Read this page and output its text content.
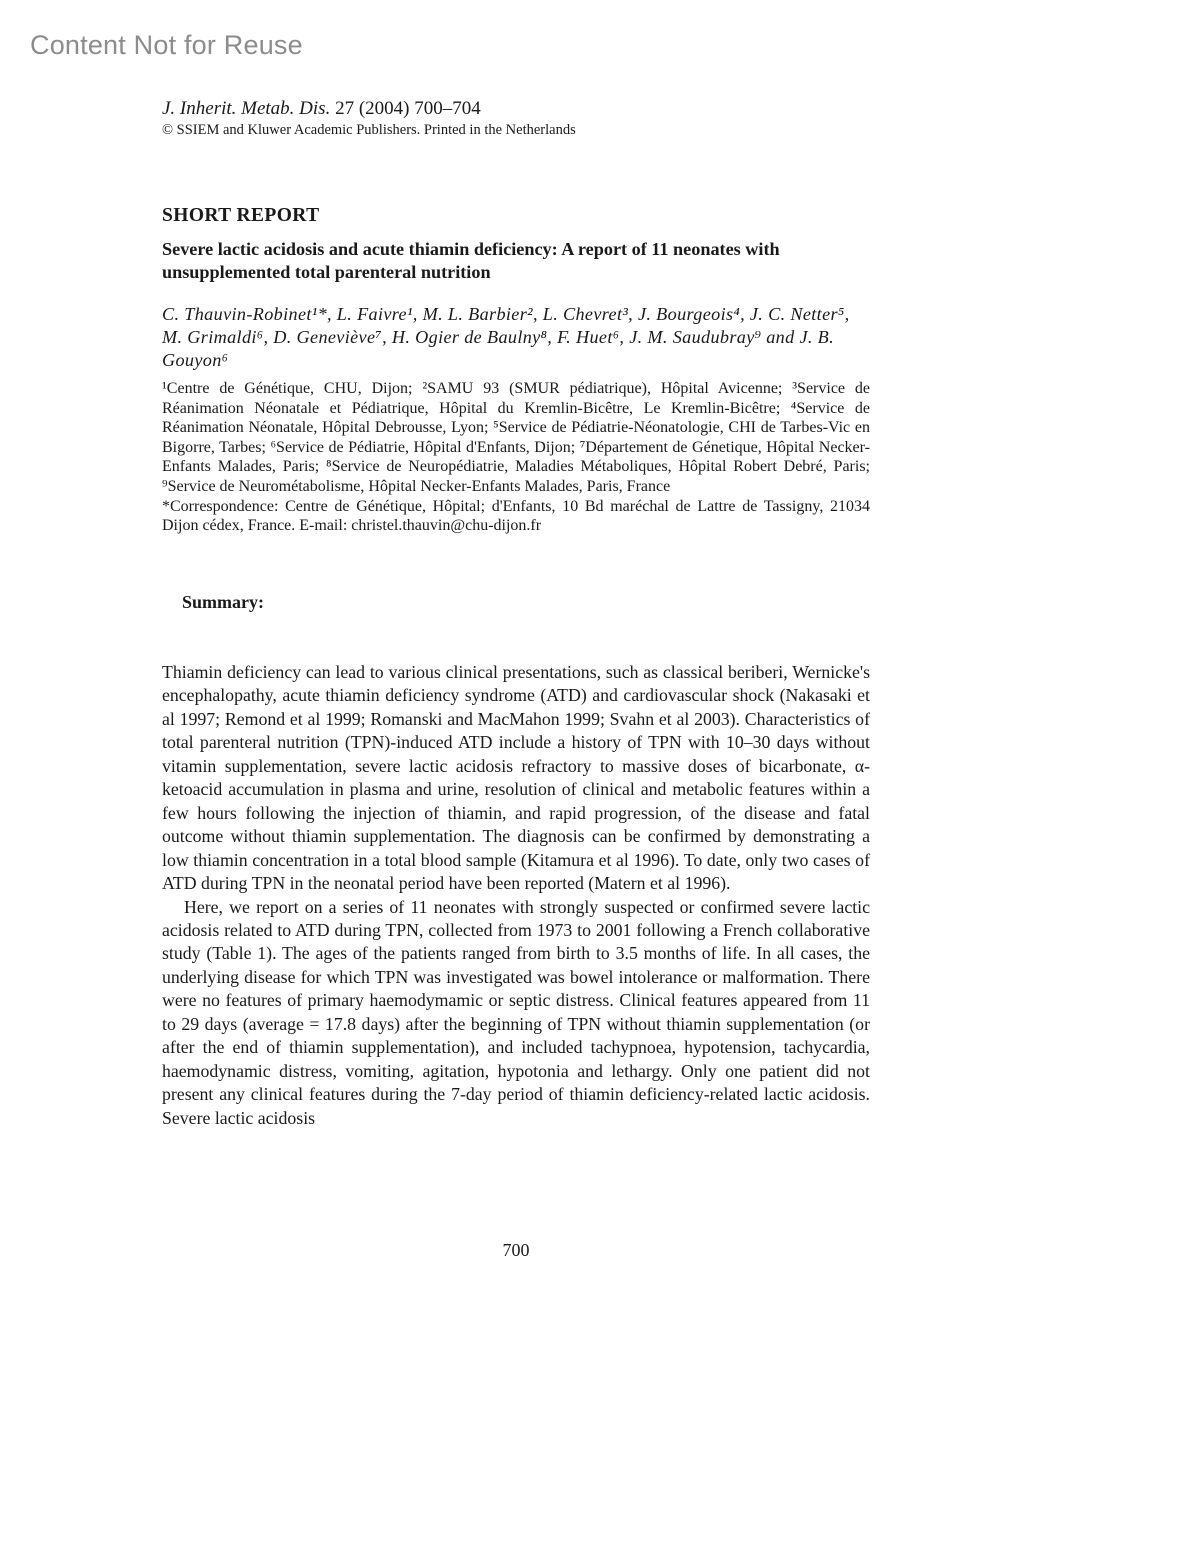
Content Not for Reuse
J. Inherit. Metab. Dis. 27 (2004) 700–704
© SSIEM and Kluwer Academic Publishers. Printed in the Netherlands
SHORT REPORT
Severe lactic acidosis and acute thiamin deficiency: A report of 11 neonates with unsupplemented total parenteral nutrition
C. Thauvin-Robinet¹*, L. Faivre¹, M. L. Barbier², L. Chevret³, J. Bourgeois⁴, J. C. Netter⁵, M. Grimaldi⁶, D. Geneviève⁷, H. Ogier de Baulny⁸, F. Huet⁶, J. M. Saudubray⁹ and J. B. Gouyon⁶
¹Centre de Génétique, CHU, Dijon; ²SAMU 93 (SMUR pédiatrique), Hôpital Avicenne; ³Service de Réanimation Néonatale et Pédiatrique, Hôpital du Kremlin-Bicêtre, Le Kremlin-Bicêtre; ⁴Service de Réanimation Néonatale, Hôpital Debrousse, Lyon; ⁵Service de Pédiatrie-Néonatologie, CHI de Tarbes-Vic en Bigorre, Tarbes; ⁶Service de Pédiatrie, Hôpital d'Enfants, Dijon; ⁷Département de Génetique, Hôpital Necker-Enfants Malades, Paris; ⁸Service de Neuropédiatrie, Maladies Métaboliques, Hôpital Robert Debré, Paris; ⁹Service de Neurométabolisme, Hôpital Necker-Enfants Malades, Paris, France
*Correspondence: Centre de Génétique, Hôpital; d'Enfants, 10 Bd maréchal de Lattre de Tassigny, 21034 Dijon cédex, France. E-mail: christel.thauvin@chu-dijon.fr
Summary:

Thiamin deficiency can lead to various clinical presentations, such as classical beriberi, Wernicke's encephalopathy, acute thiamin deficiency syndrome (ATD) and cardiovascular shock (Nakasaki et al 1997; Remond et al 1999; Romanski and MacMahon 1999; Svahn et al 2003). Characteristics of total parenteral nutrition (TPN)-induced ATD include a history of TPN with 10–30 days without vitamin supplementation, severe lactic acidosis refractory to massive doses of bicarbonate, α-ketoacid accumulation in plasma and urine, resolution of clinical and metabolic features within a few hours following the injection of thiamin, and rapid progression, of the disease and fatal outcome without thiamin supplementation. The diagnosis can be confirmed by demonstrating a low thiamin concentration in a total blood sample (Kitamura et al 1996). To date, only two cases of ATD during TPN in the neonatal period have been reported (Matern et al 1996).

Here, we report on a series of 11 neonates with strongly suspected or confirmed severe lactic acidosis related to ATD during TPN, collected from 1973 to 2001 following a French collaborative study (Table 1). The ages of the patients ranged from birth to 3.5 months of life. In all cases, the underlying disease for which TPN was investigated was bowel intolerance or malformation. There were no features of primary haemodymamic or septic distress. Clinical features appeared from 11 to 29 days (average = 17.8 days) after the beginning of TPN without thiamin supplementation (or after the end of thiamin supplementation), and included tachypnoea, hypotension, tachycardia, haemodynamic distress, vomiting, agitation, hypotonia and lethargy. Only one patient did not present any clinical features during the 7-day period of thiamin deficiency-related lactic acidosis. Severe lactic acidosis

700
